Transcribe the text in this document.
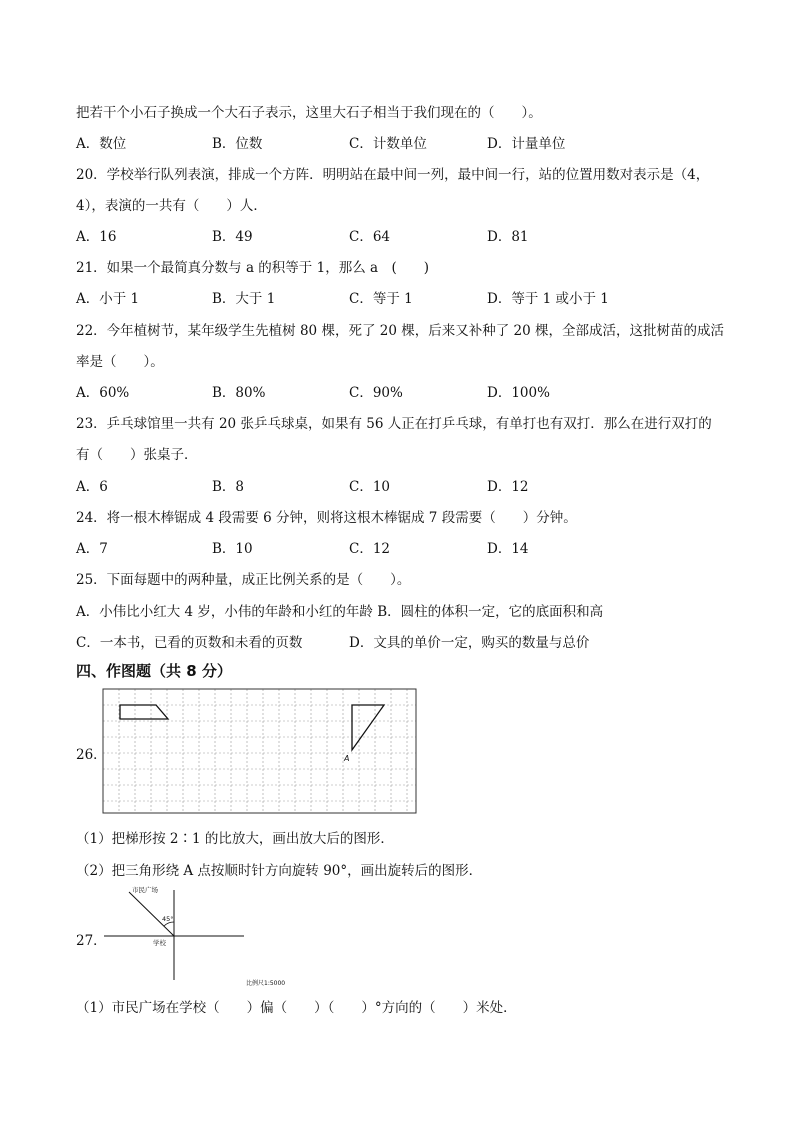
把若干个小石子换成一个大石子表示，这里大石子相当于我们现在的（　　）。
A．数位	B．位数	C．计数单位	D．计量单位
20．学校举行队列表演，排成一个方阵．明明站在最中间一列，最中间一行，站的位置用数对表示是（4，
4），表演的一共有（　　）人．
A．16	B．49	C．64	D．81
21．如果一个最简真分数与 a 的积等于 1，那么 a　(　　)
A．小于 1	B．大于 1	C．等于 1	D．等于 1 或小于 1
22．今年植树节，某年级学生先植树 80 棵，死了 20 棵，后来又补种了 20 棵，全部成活，这批树苗的成活
率是（　　）。
A．60%	B．80%	C．90%	D．100%
23．乒乓球馆里一共有 20 张乒乓球桌，如果有 56 人正在打乒乓球，有单打也有双打．那么在进行双打的
有（　　）张桌子．
A．6	B．8	C．10	D．12
24．将一根木棒锯成 4 段需要 6 分钟，则将这根木棒锯成 7 段需要（　　）分钟。
A．7	B．10	C．12	D．14
25．下面每题中的两种量，成正比例关系的是（　　）。
A．小伟比小红大 4 岁，小伟的年龄和小红的年龄 B．圆柱的体积一定，它的底面积和高
C．一本书，已看的页数和未看的页数	D．文具的单价一定，购买的数量与总价
四、作图题（共 8 分）
26．	A
（1）把梯形按 2∶1 的比放大，画出放大后的图形．
（2）把三角形绕 A 点按顺时针方向旋转 90°，画出旋转后的图形．
27．
市民广场
45°
学校
比例尺1:5000
（1）市民广场在学校（　　）偏（　　）（　　）°方向的（　　）米处．
